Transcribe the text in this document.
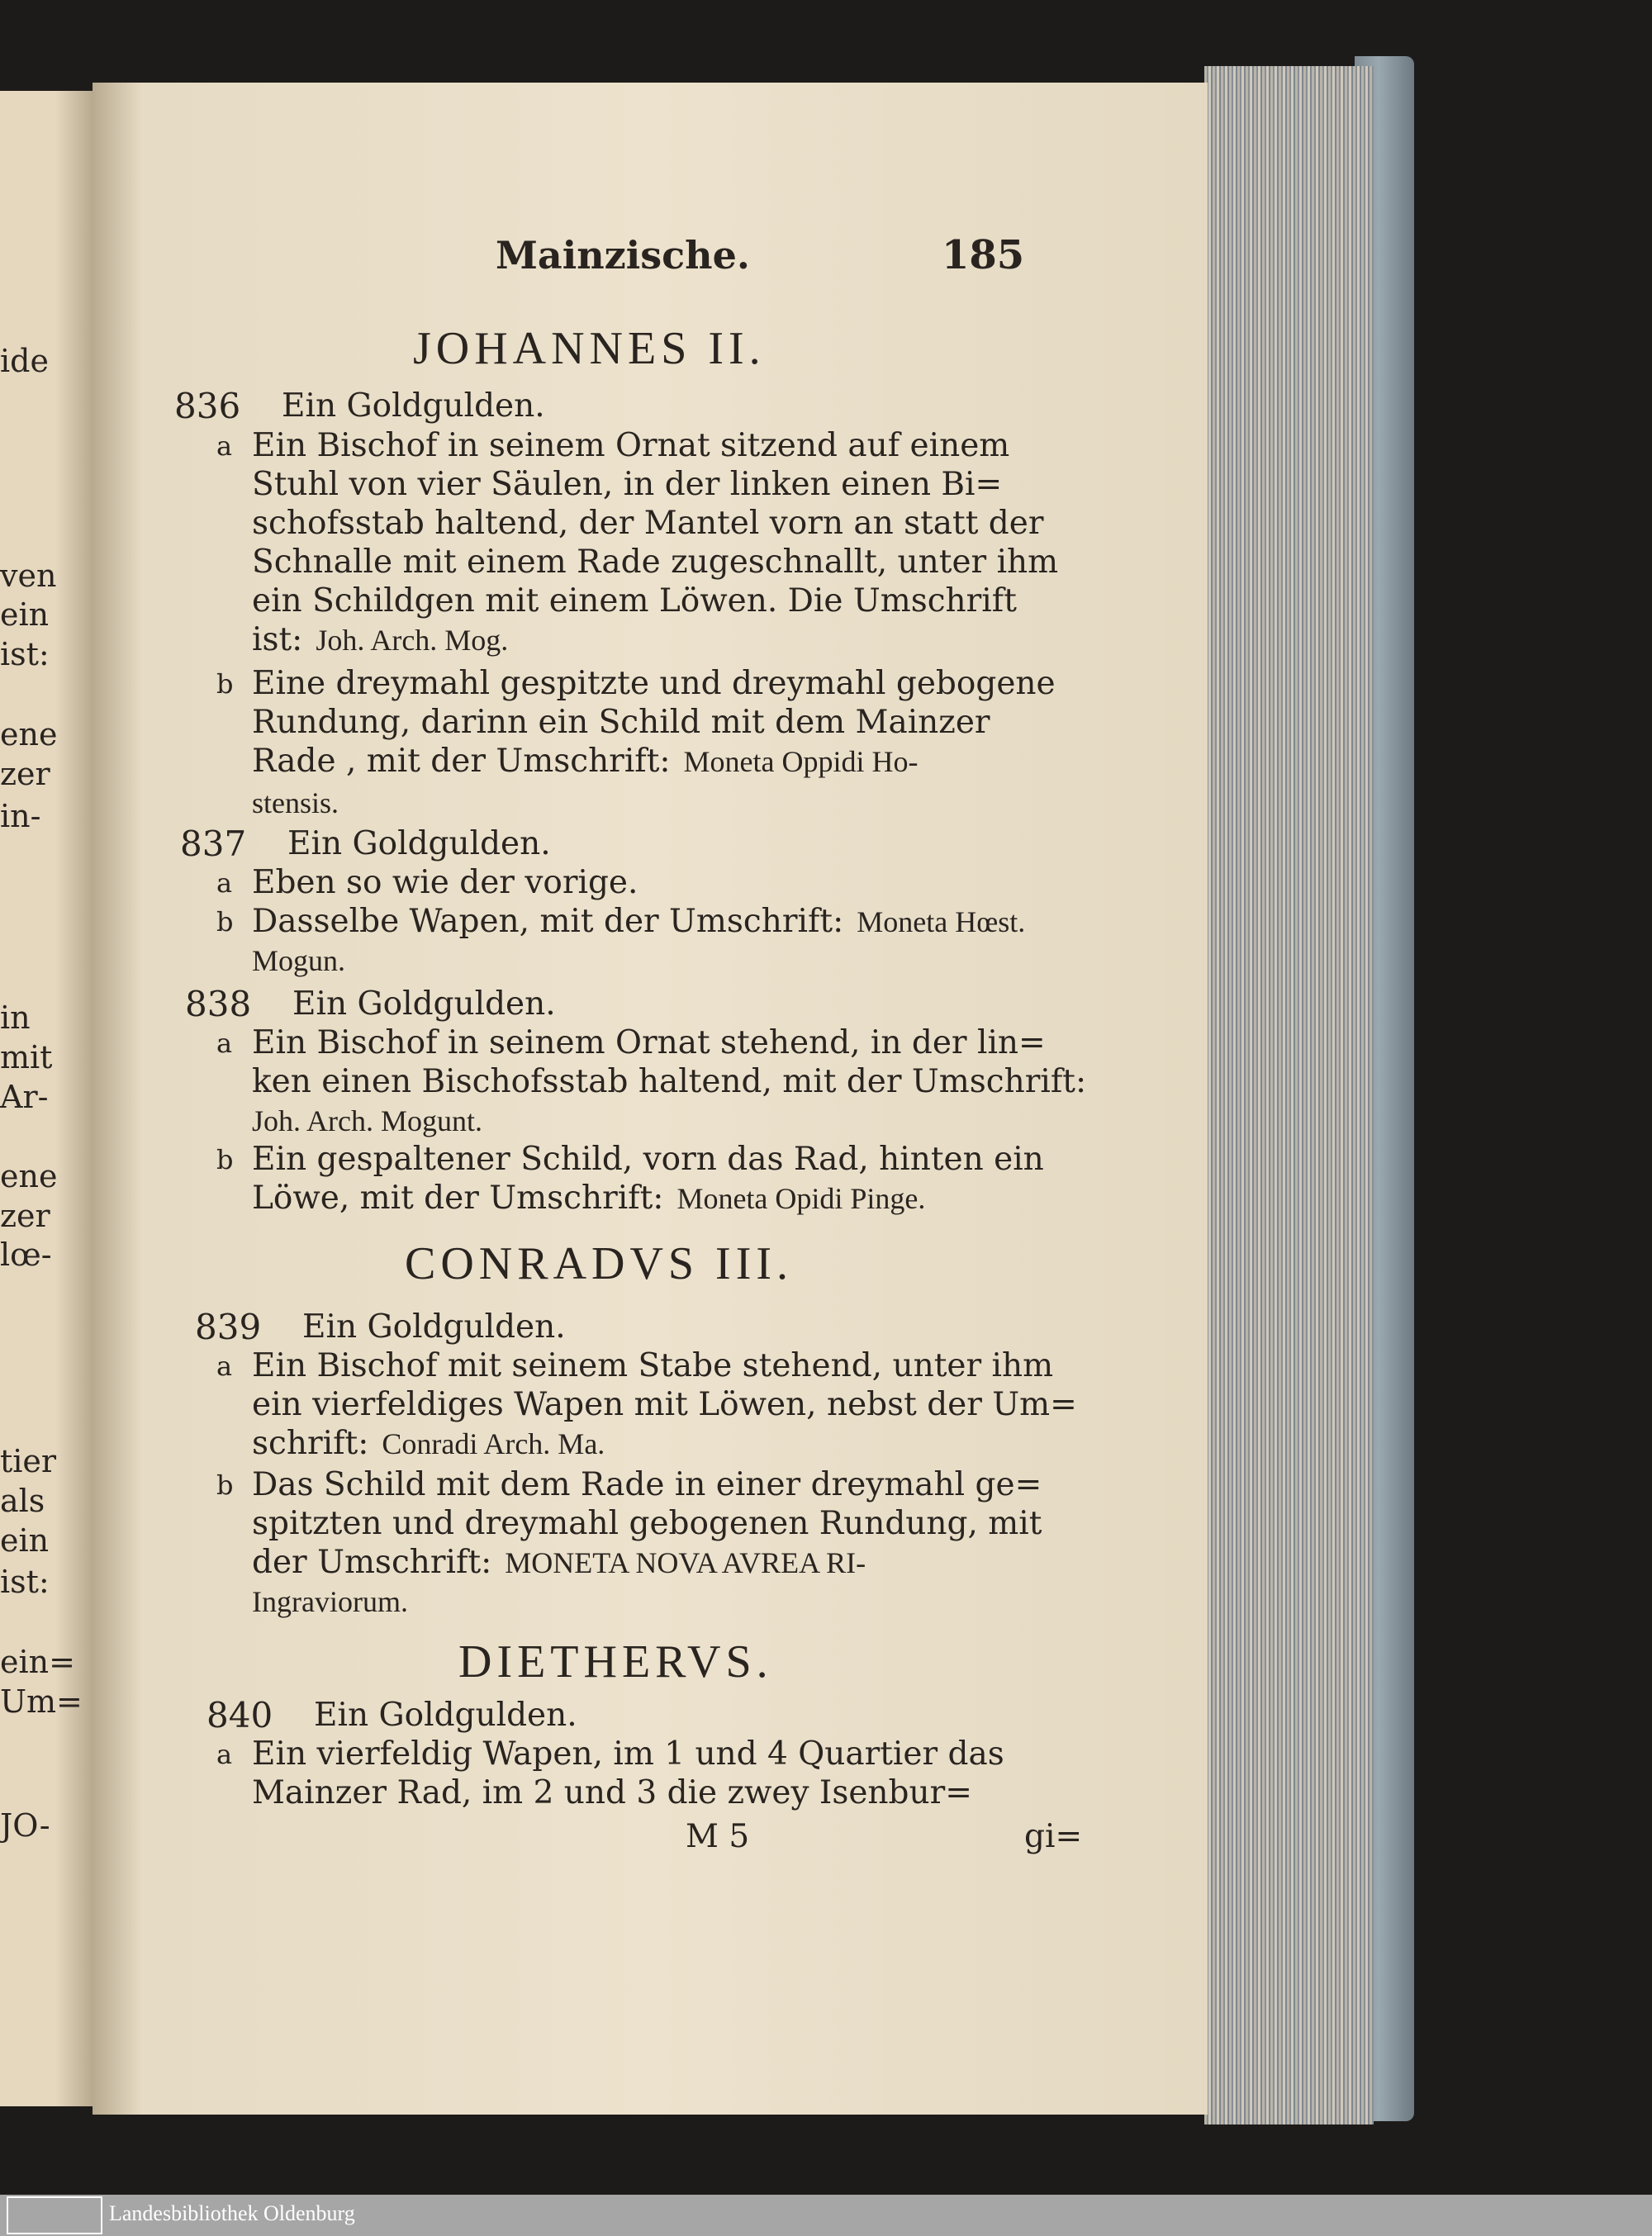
Mainzische.	185
JOHANNES II.
CONRADVS III.
DIETHERVS.
836 Ein Goldgulden.
a Ein Bischof in seinem Ornat sitzend auf einem
Stuhl von vier Säulen, in der linken einen Bi=
schofsstab haltend, der Mantel vorn an statt der
Schnalle mit einem Rade zugeschnallt, unter ihm
ein Schildgen mit einem Löwen. Die Umschrift
ist: Joh. Arch. Mog.
b Eine dreymahl gespitzte und dreymahl gebogene
Rundung, darinn ein Schild mit dem Mainzer
Rade , mit der Umschrift: Moneta Oppidi Ho-
stensis.
837 Ein Goldgulden.
a Eben so wie der vorige.
b Dasselbe Wapen, mit der Umschrift: Moneta Hœst.
Mogun.
838 Ein Goldgulden.
a Ein Bischof in seinem Ornat stehend, in der lin=
ken einen Bischofsstab haltend, mit der Umschrift:
Joh. Arch. Mogunt.
b Ein gespaltener Schild, vorn das Rad, hinten ein
Löwe, mit der Umschrift: Moneta Opidi Pinge.
839 Ein Goldgulden.
a Ein Bischof mit seinem Stabe stehend, unter ihm
ein vierfeldiges Wapen mit Löwen, nebst der Um=
schrift: Conradi Arch. Ma.
b Das Schild mit dem Rade in einer dreymahl ge=
spitzten und dreymahl gebogenen Rundung, mit
der Umschrift: MONETA NOVA AVREA RI-
Ingraviorum.
840 Ein Goldgulden.
a Ein vierfeldig Wapen, im 1 und 4 Quartier das
Mainzer Rad, im 2 und 3 die zwey Isenbur=
M 5	gi=
ide
ven
ein
ist:
ene
zer
in-
in
mit
Ar-
ene
zer
lœ-
tier
als
ein
ist:
ein=
Um=
JO-
Landesbibliothek Oldenburg
